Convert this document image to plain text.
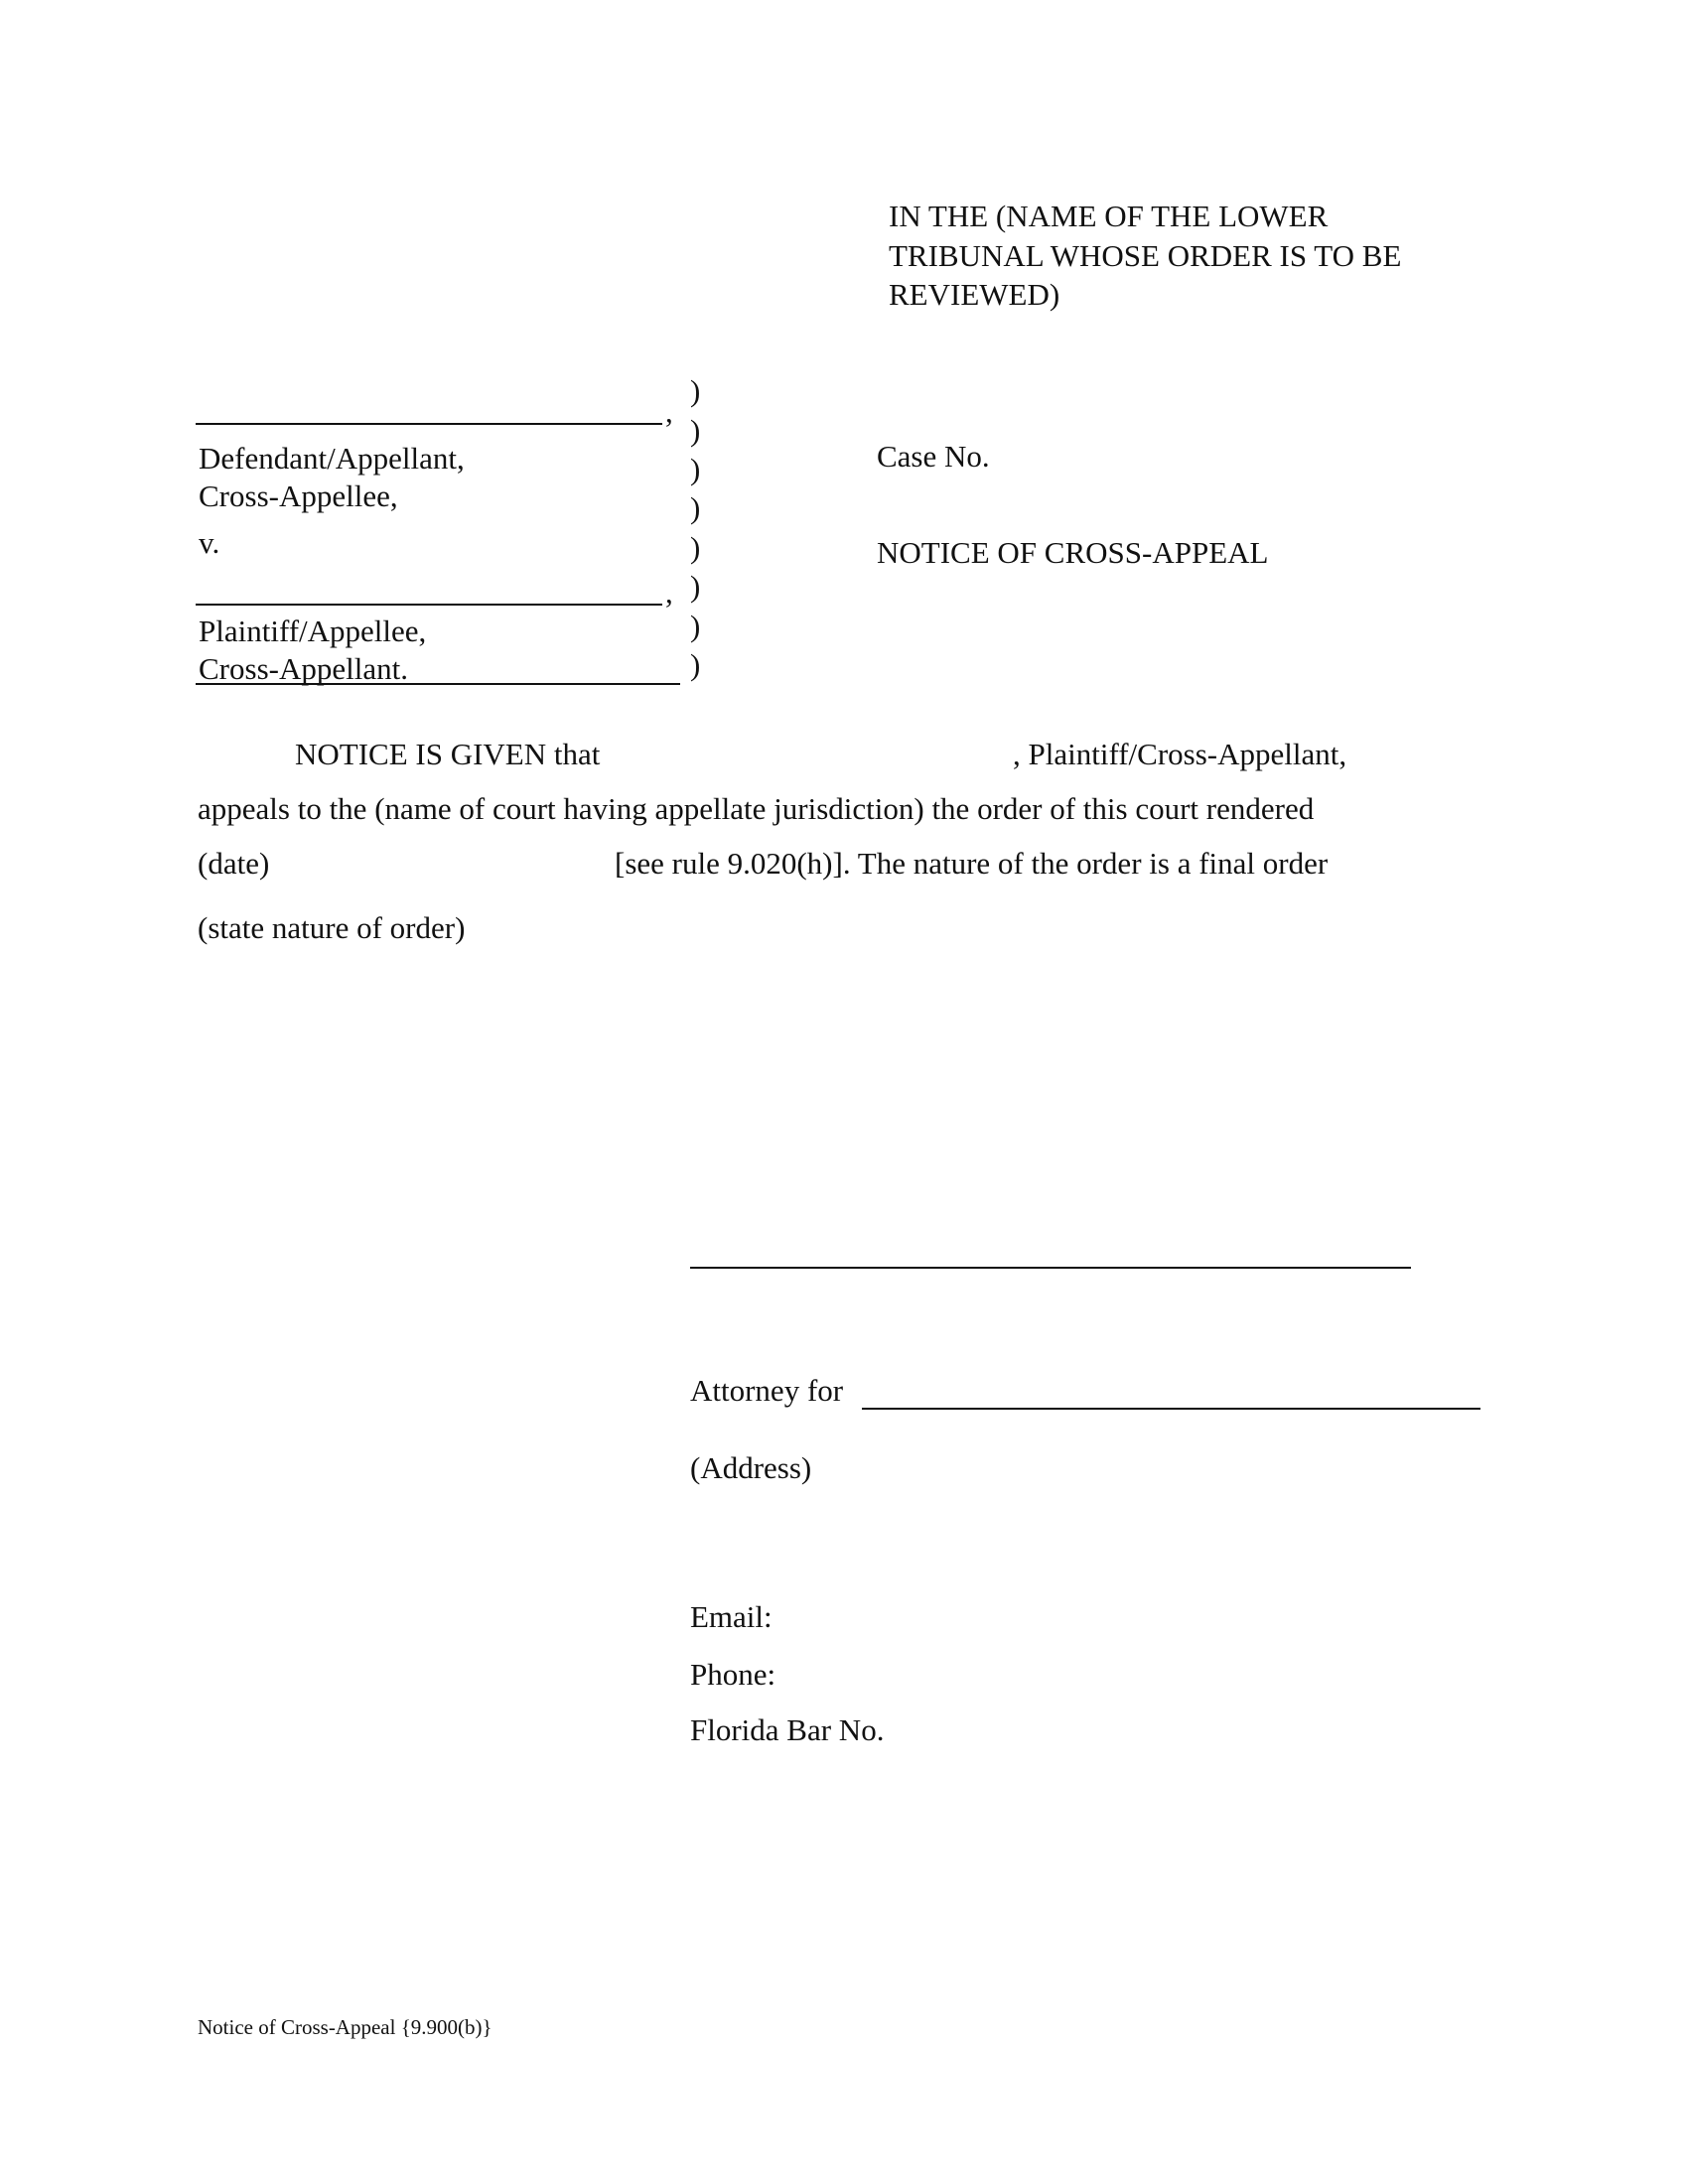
IN THE (NAME OF THE LOWER
TRIBUNAL WHOSE ORDER IS TO BE
REVIEWED)
,
Defendant/Appellant,
Cross-Appellee,
v.
,
Plaintiff/Appellee,
Cross-Appellant.
)
)
)
)
)
)
)
)
Case No.
NOTICE OF CROSS-APPEAL
NOTICE IS GIVEN that	, Plaintiff/Cross-Appellant,
appeals to the (name of court having appellate jurisdiction) the order of this court rendered
(date)	[see rule 9.020(h)]. The nature of the order is a final order
(state nature of order)
Attorney for
(Address)
Email:
Phone:
Florida Bar No.
Notice of Cross-Appeal {9.900(b)}
